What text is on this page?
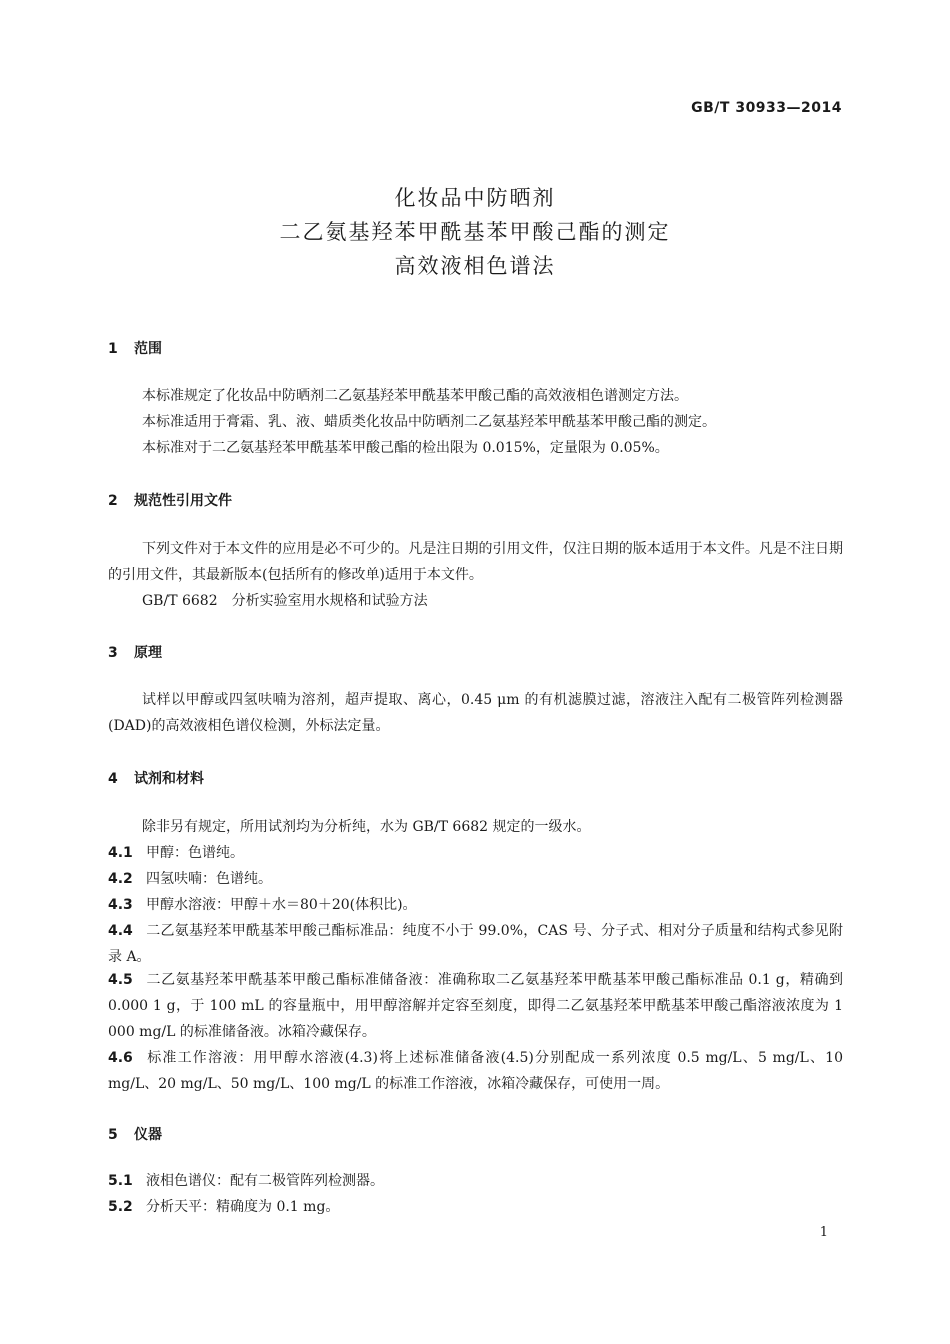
GB/T 30933—2014
化妆品中防晒剂
二乙氨基羟苯甲酰基苯甲酸己酯的测定
高效液相色谱法
1 范围
本标准规定了化妆品中防晒剂二乙氨基羟苯甲酰基苯甲酸己酯的高效液相色谱测定方法。
本标准适用于膏霜、乳、液、蜡质类化妆品中防晒剂二乙氨基羟苯甲酰基苯甲酸己酯的测定。
本标准对于二乙氨基羟苯甲酰基苯甲酸己酯的检出限为 0.015%，定量限为 0.05%。
2 规范性引用文件
下列文件对于本文件的应用是必不可少的。凡是注日期的引用文件，仅注日期的版本适用于本文件。凡是不注日期的引用文件，其最新版本(包括所有的修改单)适用于本文件。
GB/T 6682　分析实验室用水规格和试验方法
3 原理
试样以甲醇或四氢呋喃为溶剂，超声提取、离心，0.45 μm 的有机滤膜过滤，溶液注入配有二极管阵列检测器(DAD)的高效液相色谱仪检测，外标法定量。
4 试剂和材料
除非另有规定，所用试剂均为分析纯，水为 GB/T 6682 规定的一级水。
4.1 甲醇：色谱纯。
4.2 四氢呋喃：色谱纯。
4.3 甲醇水溶液：甲醇＋水＝80＋20(体积比)。
4.4 二乙氨基羟苯甲酰基苯甲酸己酯标准品：纯度不小于 99.0%，CAS 号、分子式、相对分子质量和结构式参见附录 A。
4.5 二乙氨基羟苯甲酰基苯甲酸己酯标准储备液：准确称取二乙氨基羟苯甲酰基苯甲酸己酯标准品 0.1 g，精确到 0.000 1 g，于 100 mL 的容量瓶中，用甲醇溶解并定容至刻度，即得二乙氨基羟苯甲酰基苯甲酸己酯溶液浓度为 1 000 mg/L 的标准储备液。冰箱冷藏保存。
4.6 标准工作溶液：用甲醇水溶液(4.3)将上述标准储备液(4.5)分别配成一系列浓度 0.5 mg/L、5 mg/L、10 mg/L、20 mg/L、50 mg/L、100 mg/L 的标准工作溶液，冰箱冷藏保存，可使用一周。
5 仪器
5.1 液相色谱仪：配有二极管阵列检测器。
5.2 分析天平：精确度为 0.1 mg。
1
